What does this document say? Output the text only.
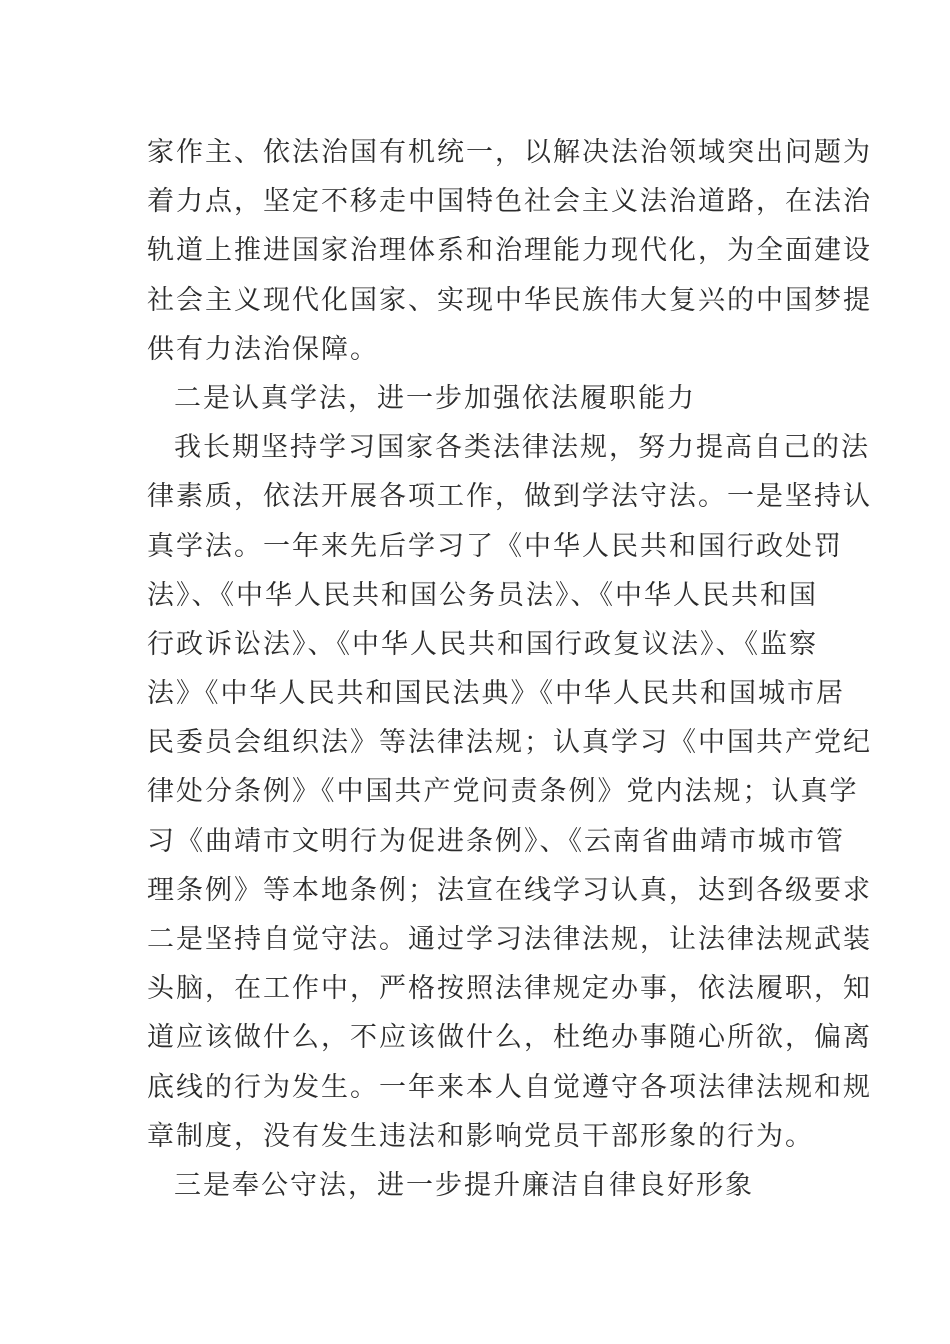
家作主、依法治国有机统一，以解决法治领域突出问题为
着力点，坚定不移走中国特色社会主义法治道路，在法治
轨道上推进国家治理体系和治理能力现代化，为全面建设
社会主义现代化国家、实现中华民族伟大复兴的中国梦提
供有力法治保障。
二是认真学法，进一步加强依法履职能力
我长期坚持学习国家各类法律法规，努力提高自己的法
律素质，依法开展各项工作，做到学法守法。一是坚持认
真学法。一年来先后学习了《中华人民共和国行政处罚
法》、《中华人民共和国公务员法》、《中华人民共和国
行政诉讼法》、《中华人民共和国行政复议法》、《监察
法》《中华人民共和国民法典》《中华人民共和国城市居
民委员会组织法》等法律法规；认真学习《中国共产党纪
律处分条例》《中国共产党问责条例》党内法规；认真学
习《曲靖市文明行为促进条例》、《云南省曲靖市城市管
理条例》等本地条例；法宣在线学习认真，达到各级要求
二是坚持自觉守法。通过学习法律法规，让法律法规武装
头脑，在工作中，严格按照法律规定办事，依法履职，知
道应该做什么，不应该做什么，杜绝办事随心所欲，偏离
底线的行为发生。一年来本人自觉遵守各项法律法规和规
章制度，没有发生违法和影响党员干部形象的行为。
三是奉公守法，进一步提升廉洁自律良好形象
